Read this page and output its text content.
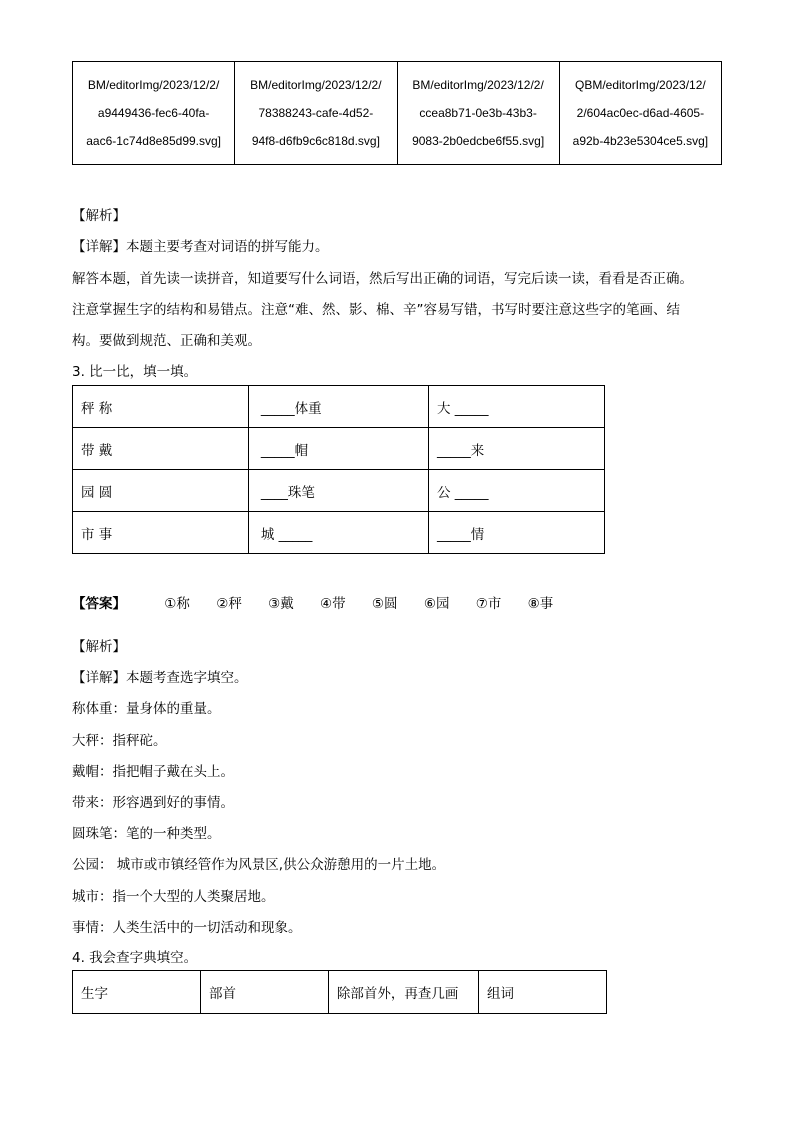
BM/editorImg/2023/12/2/
a9449436-fec6-40fa-
aac6-1c74d8e85d99.svg]	BM/editorImg/2023/12/2/
78388243-cafe-4d52-
94f8-d6fb9c6c818d.svg]	BM/editorImg/2023/12/2/
ccea8b71-0e3b-43b3-
9083-2b0edcbe6f55.svg]	QBM/editorImg/2023/12/
2/604ac0ec-d6ad-4605-
a92b-4b23e5304ce5.svg]
【解析】
【详解】本题主要考查对词语的拼写能力。
解答本题，首先读一读拼音，知道要写什么词语，然后写出正确的词语，写完后读一读，看看是否正确。
注意掌握生字的结构和易错点。注意“难、然、影、棉、辛”容易写错，书写时要注意这些字的笔画、结
构。要做到规范、正确和美观。
3. 比一比，填一填。
秤 称	_____体重	大 _____
带 戴	_____帽	_____来
园 圆	____珠笔	公 _____
市 事	城 _____	_____情
【答案】	①称 ②秤 ③戴 ④带 ⑤圆 ⑥园 ⑦市 ⑧事
【解析】
【详解】本题考查选字填空。
称体重：量身体的重量。
大秤：指秤砣。
戴帽：指把帽子戴在头上。
带来：形容遇到好的事情。
圆珠笔：笔的一种类型。
公园： 城市或市镇经管作为风景区,供公众游憩用的一片土地。
城市：指一个大型的人类聚居地。
事情：人类生活中的一切活动和现象。
4. 我会查字典填空。
生字	部首	除部首外，再查几画	组词
